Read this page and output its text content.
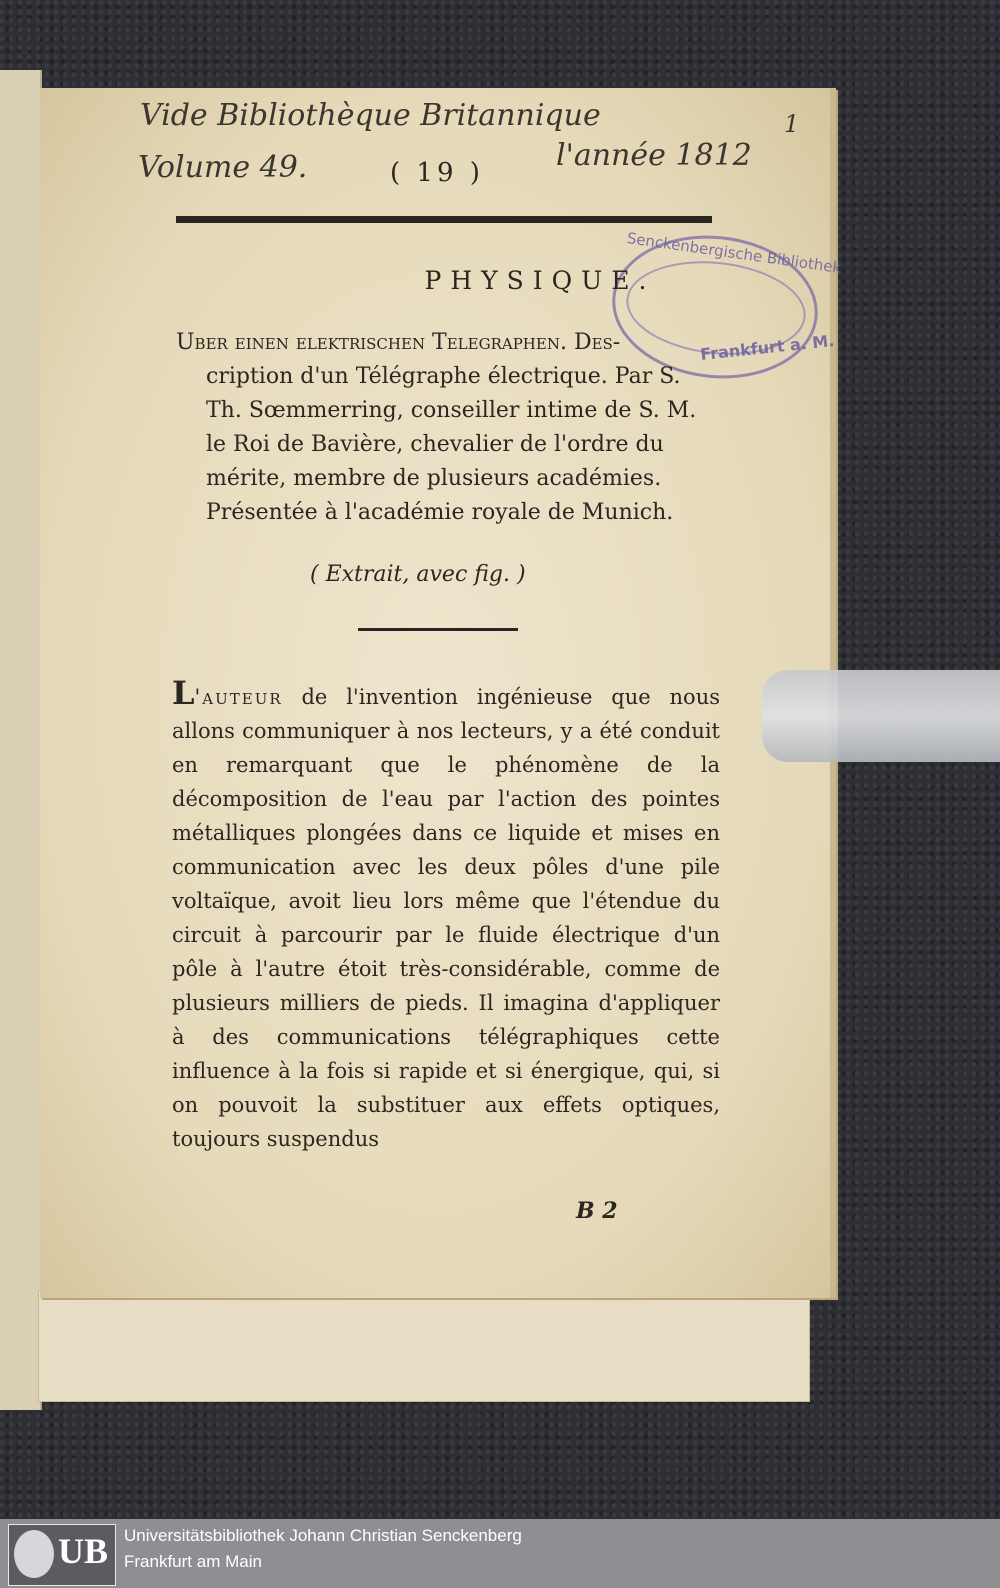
Vide Bibliothèque Britannique
Volume 49.	l'année 1812
1
( 19 )
Senckenbergische Bibliothek
Frankfurt a. M.
PHYSIQUE.
Uber einen elektrischen Telegraphen. Des-
cription d'un Télégraphe électrique. Par S.
Th. Sœmmerring, conseiller intime de S. M.
le Roi de Bavière, chevalier de l'ordre du
mérite, membre de plusieurs académies.
Présentée à l'académie royale de Munich.
( Extrait, avec fig. )
L'auteur de l'invention ingénieuse que nous allons communiquer à nos lecteurs, y a été conduit en remarquant que le phénomène de la décomposition de l'eau par l'action des pointes métalliques plongées dans ce liquide et mises en communication avec les deux pôles d'une pile voltaïque, avoit lieu lors même que l'étendue du circuit à parcourir par le fluide électrique d'un pôle à l'autre étoit très-considérable, comme de plusieurs milliers de pieds. Il imagina d'appliquer à des communications télégraphiques cette influence à la fois si rapide et si énergique, qui, si on pouvoit la substituer aux effets optiques, toujours suspendus
B 2
UB Universitätsbibliothek Johann Christian Senckenberg
Frankfurt am Main
